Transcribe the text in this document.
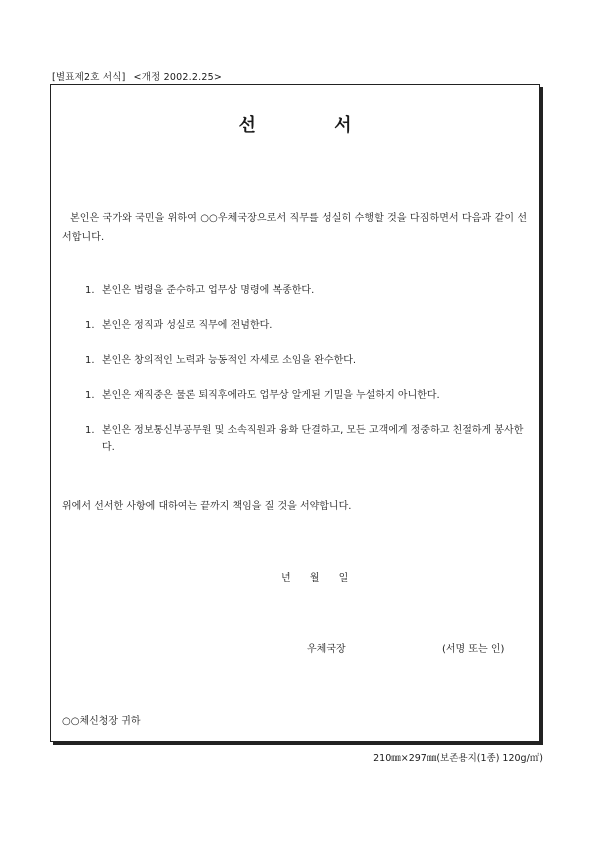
[별표제2호 서식] <개정 2002.2.25>
선 서
본인은 국가와 국민을 위하여 ○○우체국장으로서 직무를 성실히 수행할 것을 다짐하면서 다음과 같이 선서합니다.
1. 본인은 법령을 준수하고 업무상 명령에 복종한다.
1. 본인은 정직과 성실로 직무에 전념한다.
1. 본인은 창의적인 노력과 능동적인 자세로 소임을 완수한다.
1. 본인은 재직중은 물론 퇴직후에라도 업무상 알게된 기밀을 누설하지 아니한다.
1. 본인은 정보통신부공무원 및 소속직원과 융화 단결하고, 모든 고객에게 정중하고 친절하게 봉사한다.
위에서 선서한 사항에 대하여는 끝까지 책임을 질 것을 서약합니다.
년 월 일
우체국장	(서명 또는 인)
○○체신청장 귀하
210㎜×297㎜(보존용지(1종) 120g/㎡)
